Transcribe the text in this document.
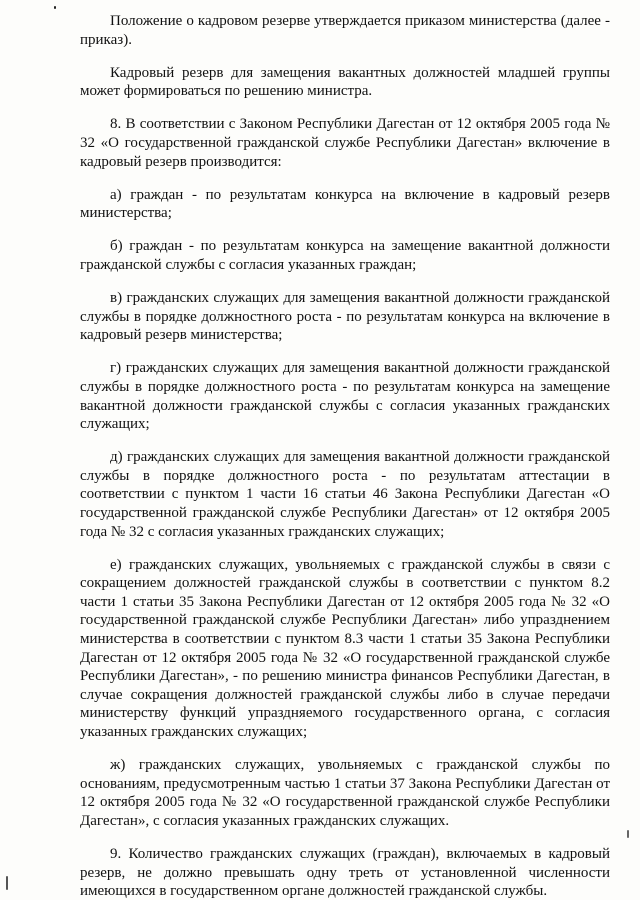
Положение о кадровом резерве утверждается приказом министерства (далее - приказ).

Кадровый резерв для замещения вакантных должностей младшей группы может формироваться по решению министра.

8. В соответствии с Законом Республики Дагестан от 12 октября 2005 года № 32 «О государственной гражданской службе Республики Дагестан» включение в кадровый резерв производится:

а) граждан - по результатам конкурса на включение в кадровый резерв министерства;

б) граждан - по результатам конкурса на замещение вакантной должности гражданской службы с согласия указанных граждан;

в) гражданских служащих для замещения вакантной должности гражданской службы в порядке должностного роста - по результатам конкурса на включение в кадровый резерв министерства;

г) гражданских служащих для замещения вакантной должности гражданской службы в порядке должностного роста - по результатам конкурса на замещение вакантной должности гражданской службы с согласия указанных гражданских служащих;

д) гражданских служащих для замещения вакантной должности гражданской службы в порядке должностного роста - по результатам аттестации в соответствии с пунктом 1 части 16 статьи 46 Закона Республики Дагестан «О государственной гражданской службе Республики Дагестан» от 12 октября 2005 года № 32 с согласия указанных гражданских служащих;

е) гражданских служащих, увольняемых с гражданской службы в связи с сокращением должностей гражданской службы в соответствии с пунктом 8.2 части 1 статьи 35 Закона Республики Дагестан от 12 октября 2005 года № 32 «О государственной гражданской службе Республики Дагестан» либо упразднением министерства в соответствии с пунктом 8.3 части 1 статьи 35 Закона Республики Дагестан от 12 октября 2005 года № 32 «О государственной гражданской службе Республики Дагестан», - по решению министра финансов Республики Дагестан, в случае сокращения должностей гражданской службы либо в случае передачи министерству функций упраздняемого государственного органа, с согласия указанных гражданских служащих;

ж) гражданских служащих, увольняемых с гражданской службы по основаниям, предусмотренным частью 1 статьи 37 Закона Республики Дагестан от 12 октября 2005 года № 32 «О государственной гражданской службе Республики Дагестан», с согласия указанных гражданских служащих.

9. Количество гражданских служащих (граждан), включаемых в кадровый резерв, не должно превышать одну треть от установленной численности имеющихся в государственном органе должностей гражданской службы.
